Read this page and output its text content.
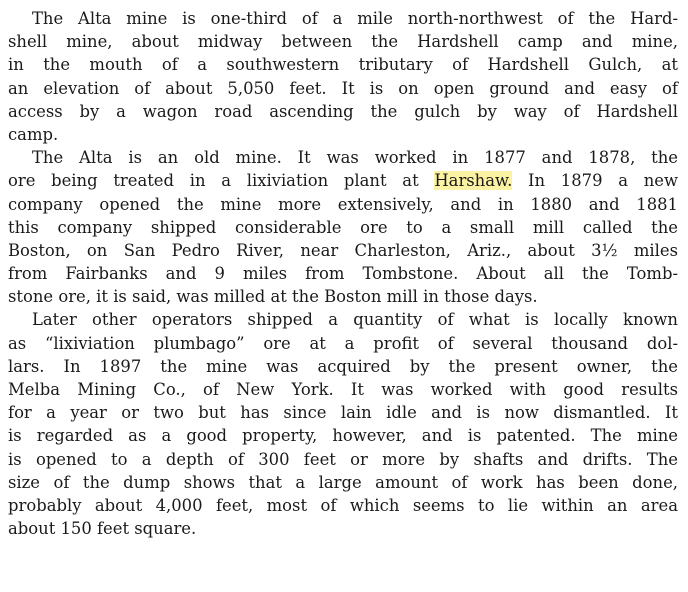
The Alta mine is one-third of a mile north-northwest of the Hard-
shell mine, about midway between the Hardshell camp and mine,
in the mouth of a southwestern tributary of Hardshell Gulch, at
an elevation of about 5,050 feet. It is on open ground and easy of
access by a wagon road ascending the gulch by way of Hardshell
camp.
The Alta is an old mine. It was worked in 1877 and 1878, the
ore being treated in a lixiviation plant at Harshaw. In 1879 a new
company opened the mine more extensively, and in 1880 and 1881
this company shipped considerable ore to a small mill called the
Boston, on San Pedro River, near Charleston, Ariz., about 3½ miles
from Fairbanks and 9 miles from Tombstone. About all the Tomb-
stone ore, it is said, was milled at the Boston mill in those days.
Later other operators shipped a quantity of what is locally known
as “lixiviation plumbago” ore at a profit of several thousand dol-
lars. In 1897 the mine was acquired by the present owner, the
Melba Mining Co., of New York. It was worked with good results
for a year or two but has since lain idle and is now dismantled. It
is regarded as a good property, however, and is patented. The mine
is opened to a depth of 300 feet or more by shafts and drifts. The
size of the dump shows that a large amount of work has been done,
probably about 4,000 feet, most of which seems to lie within an area
about 150 feet square.
